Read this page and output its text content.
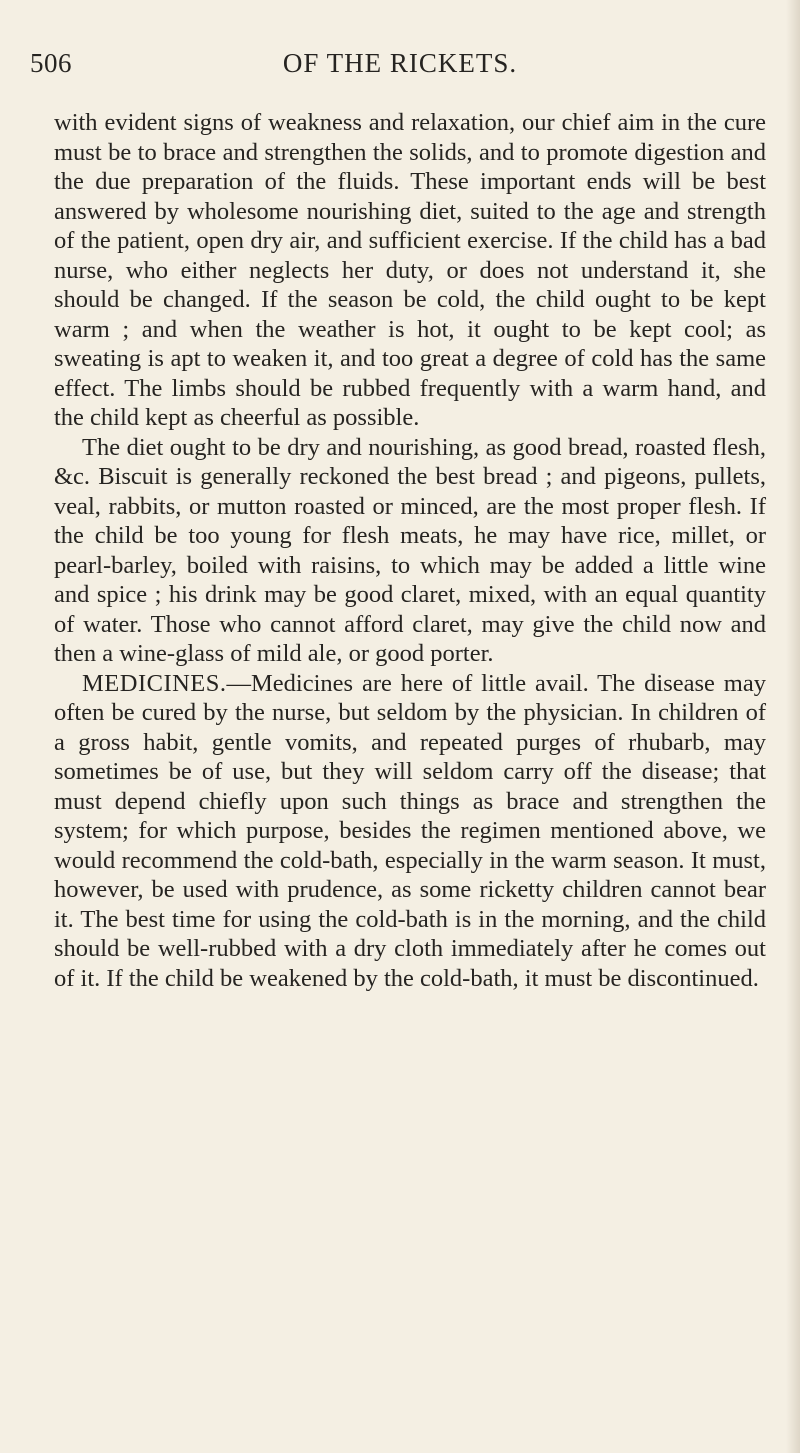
506	OF THE RICKETS.

with evident signs of weakness and relaxation, our chief aim in the cure must be to brace and strengthen the solids, and to promote digestion and the due preparation of the fluids. These important ends will be best answered by wholesome nourishing diet, suited to the age and strength of the patient, open dry air, and sufficient exercise. If the child has a bad nurse, who either neglects her duty, or does not understand it, she should be changed. If the season be cold, the child ought to be kept warm ; and when the weather is hot, it ought to be kept cool; as sweating is apt to weaken it, and too great a degree of cold has the same effect. The limbs should be rubbed frequently with a warm hand, and the child kept as cheerful as possible.

The diet ought to be dry and nourishing, as good bread, roasted flesh, &c. Biscuit is generally reckoned the best bread ; and pigeons, pullets, veal, rabbits, or mutton roasted or minced, are the most proper flesh. If the child be too young for flesh meats, he may have rice, millet, or pearl-barley, boiled with raisins, to which may be added a little wine and spice ; his drink may be good claret, mixed, with an equal quantity of water. Those who cannot afford claret, may give the child now and then a wine-glass of mild ale, or good porter.

MEDICINES.—Medicines are here of little avail. The disease may often be cured by the nurse, but seldom by the physician. In children of a gross habit, gentle vomits, and repeated purges of rhubarb, may sometimes be of use, but they will seldom carry off the disease; that must depend chiefly upon such things as brace and strengthen the system; for which purpose, besides the regimen mentioned above, we would recommend the cold-bath, especially in the warm season. It must, however, be used with prudence, as some ricketty children cannot bear it. The best time for using the cold-bath is in the morning, and the child should be well-rubbed with a dry cloth immediately after he comes out of it. If the child be weakened by the cold-bath, it must be discontinued.
